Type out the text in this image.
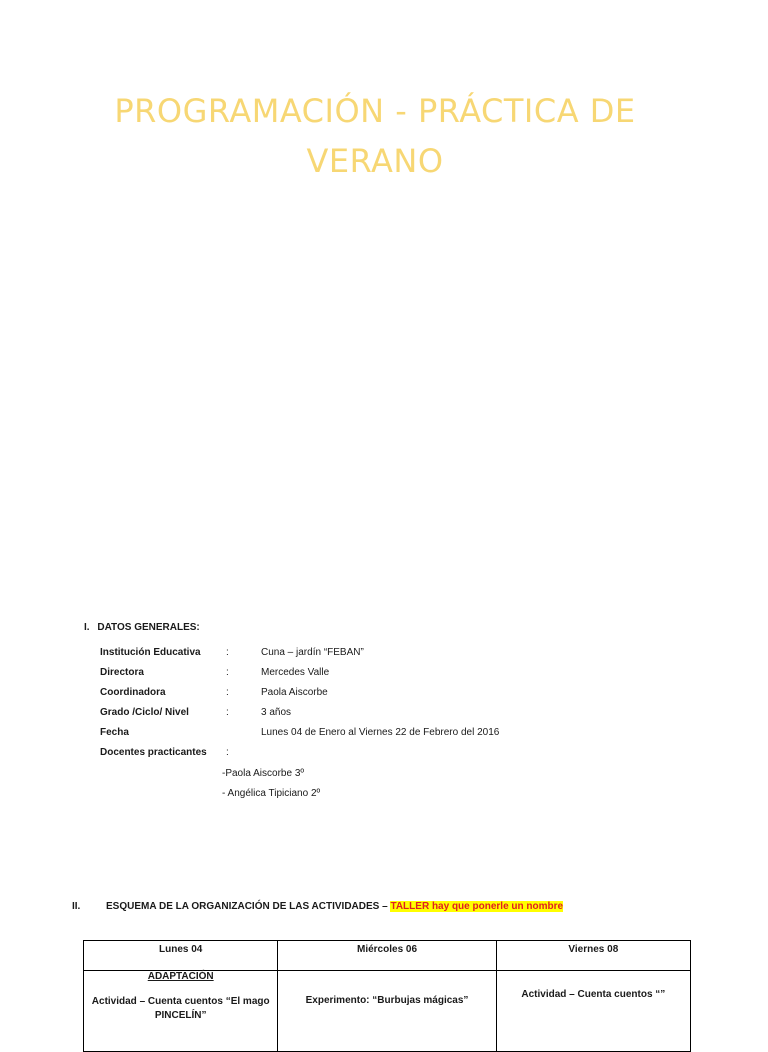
PROGRAMACIÓN - PRÁCTICA DE
VERANO
I. DATOS GENERALES:
Institución Educativa	:	Cuna – jardín “FEBAN”
Directora	:	Mercedes Valle
Coordinadora	:	Paola Aiscorbe
Grado /Ciclo/ Nivel	:	3 años
Fecha	Lunes 04 de Enero al Viernes 22 de Febrero del 2016
Docentes practicantes	:
-Paola Aiscorbe 3º
- Angélica Tipiciano 2º
II.	ESQUEMA DE LA ORGANIZACIÓN DE LAS ACTIVIDADES – TALLER hay que ponerle un nombre
Lunes 04	Miércoles 06	Viernes 08

ADAPTACIÓN
Actividad – Cuenta cuentos “El mago
PINCELÍN”	Experimento: “Burbujas mágicas”	Actividad – Cuenta cuentos “”
